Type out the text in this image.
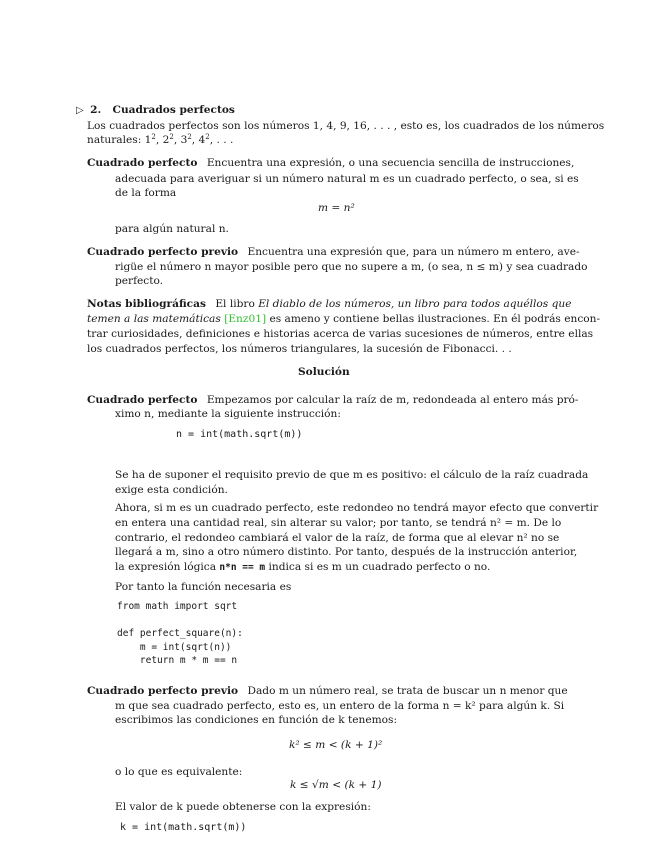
▷ 2. Cuadrados perfectos
Los cuadrados perfectos son los números 1, 4, 9, 16, . . . , esto es, los cuadrados de los números
naturales: $1^2$, $2^2$, $3^2$, $4^2$, . . .
Cuadrado perfecto Encuentra una expresión, o una secuencia sencilla de instrucciones,
adecuada para averiguar si un número natural m es un cuadrado perfecto, o sea, si es
de la forma
m = n²
para algún natural n.
Cuadrado perfecto previo Encuentra una expresión que, para un número m entero, ave-
rigüe el número n mayor posible pero que no supere a m, (o sea, n ≤ m) y sea cuadrado
perfecto.
Notas bibliográficas El libro El diablo de los números, un libro para todos aquéllos que
temen a las matemáticas [Enz01] es ameno y contiene bellas ilustraciones. En él podrás encon-
trar curiosidades, definiciones e historias acerca de varias sucesiones de números, entre ellas
los cuadrados perfectos, los números triangulares, la sucesión de Fibonacci. . .
Solución
Cuadrado perfecto Empezamos por calcular la raíz de m, redondeada al entero más pró-
ximo n, mediante la siguiente instrucción:
n = int(math.sqrt(m))
Se ha de suponer el requisito previo de que m es positivo: el cálculo de la raíz cuadrada
exige esta condición.
Ahora, si m es un cuadrado perfecto, este redondeo no tendrá mayor efecto que convertir
en entera una cantidad real, sin alterar su valor; por tanto, se tendrá n² = m. De lo
contrario, el redondeo cambiará el valor de la raíz, de forma que al elevar n² no se
llegará a m, sino a otro número distinto. Por tanto, después de la instrucción anterior,
la expresión lógica n*n == m indica si es m un cuadrado perfecto o no.
Por tanto la función necesaria es
from math import sqrt
def perfect_square(n):
m = int(sqrt(n))
return m * m == n
Cuadrado perfecto previo Dado m un número real, se trata de buscar un n menor que
m que sea cuadrado perfecto, esto es, un entero de la forma n = k² para algún k. Si
escribimos las condiciones en función de k tenemos:
k² ≤ m < (k + 1)²
o lo que es equivalente:
k ≤ √m < (k + 1)
El valor de k puede obtenerse con la expresión:
k = int(math.sqrt(m))
